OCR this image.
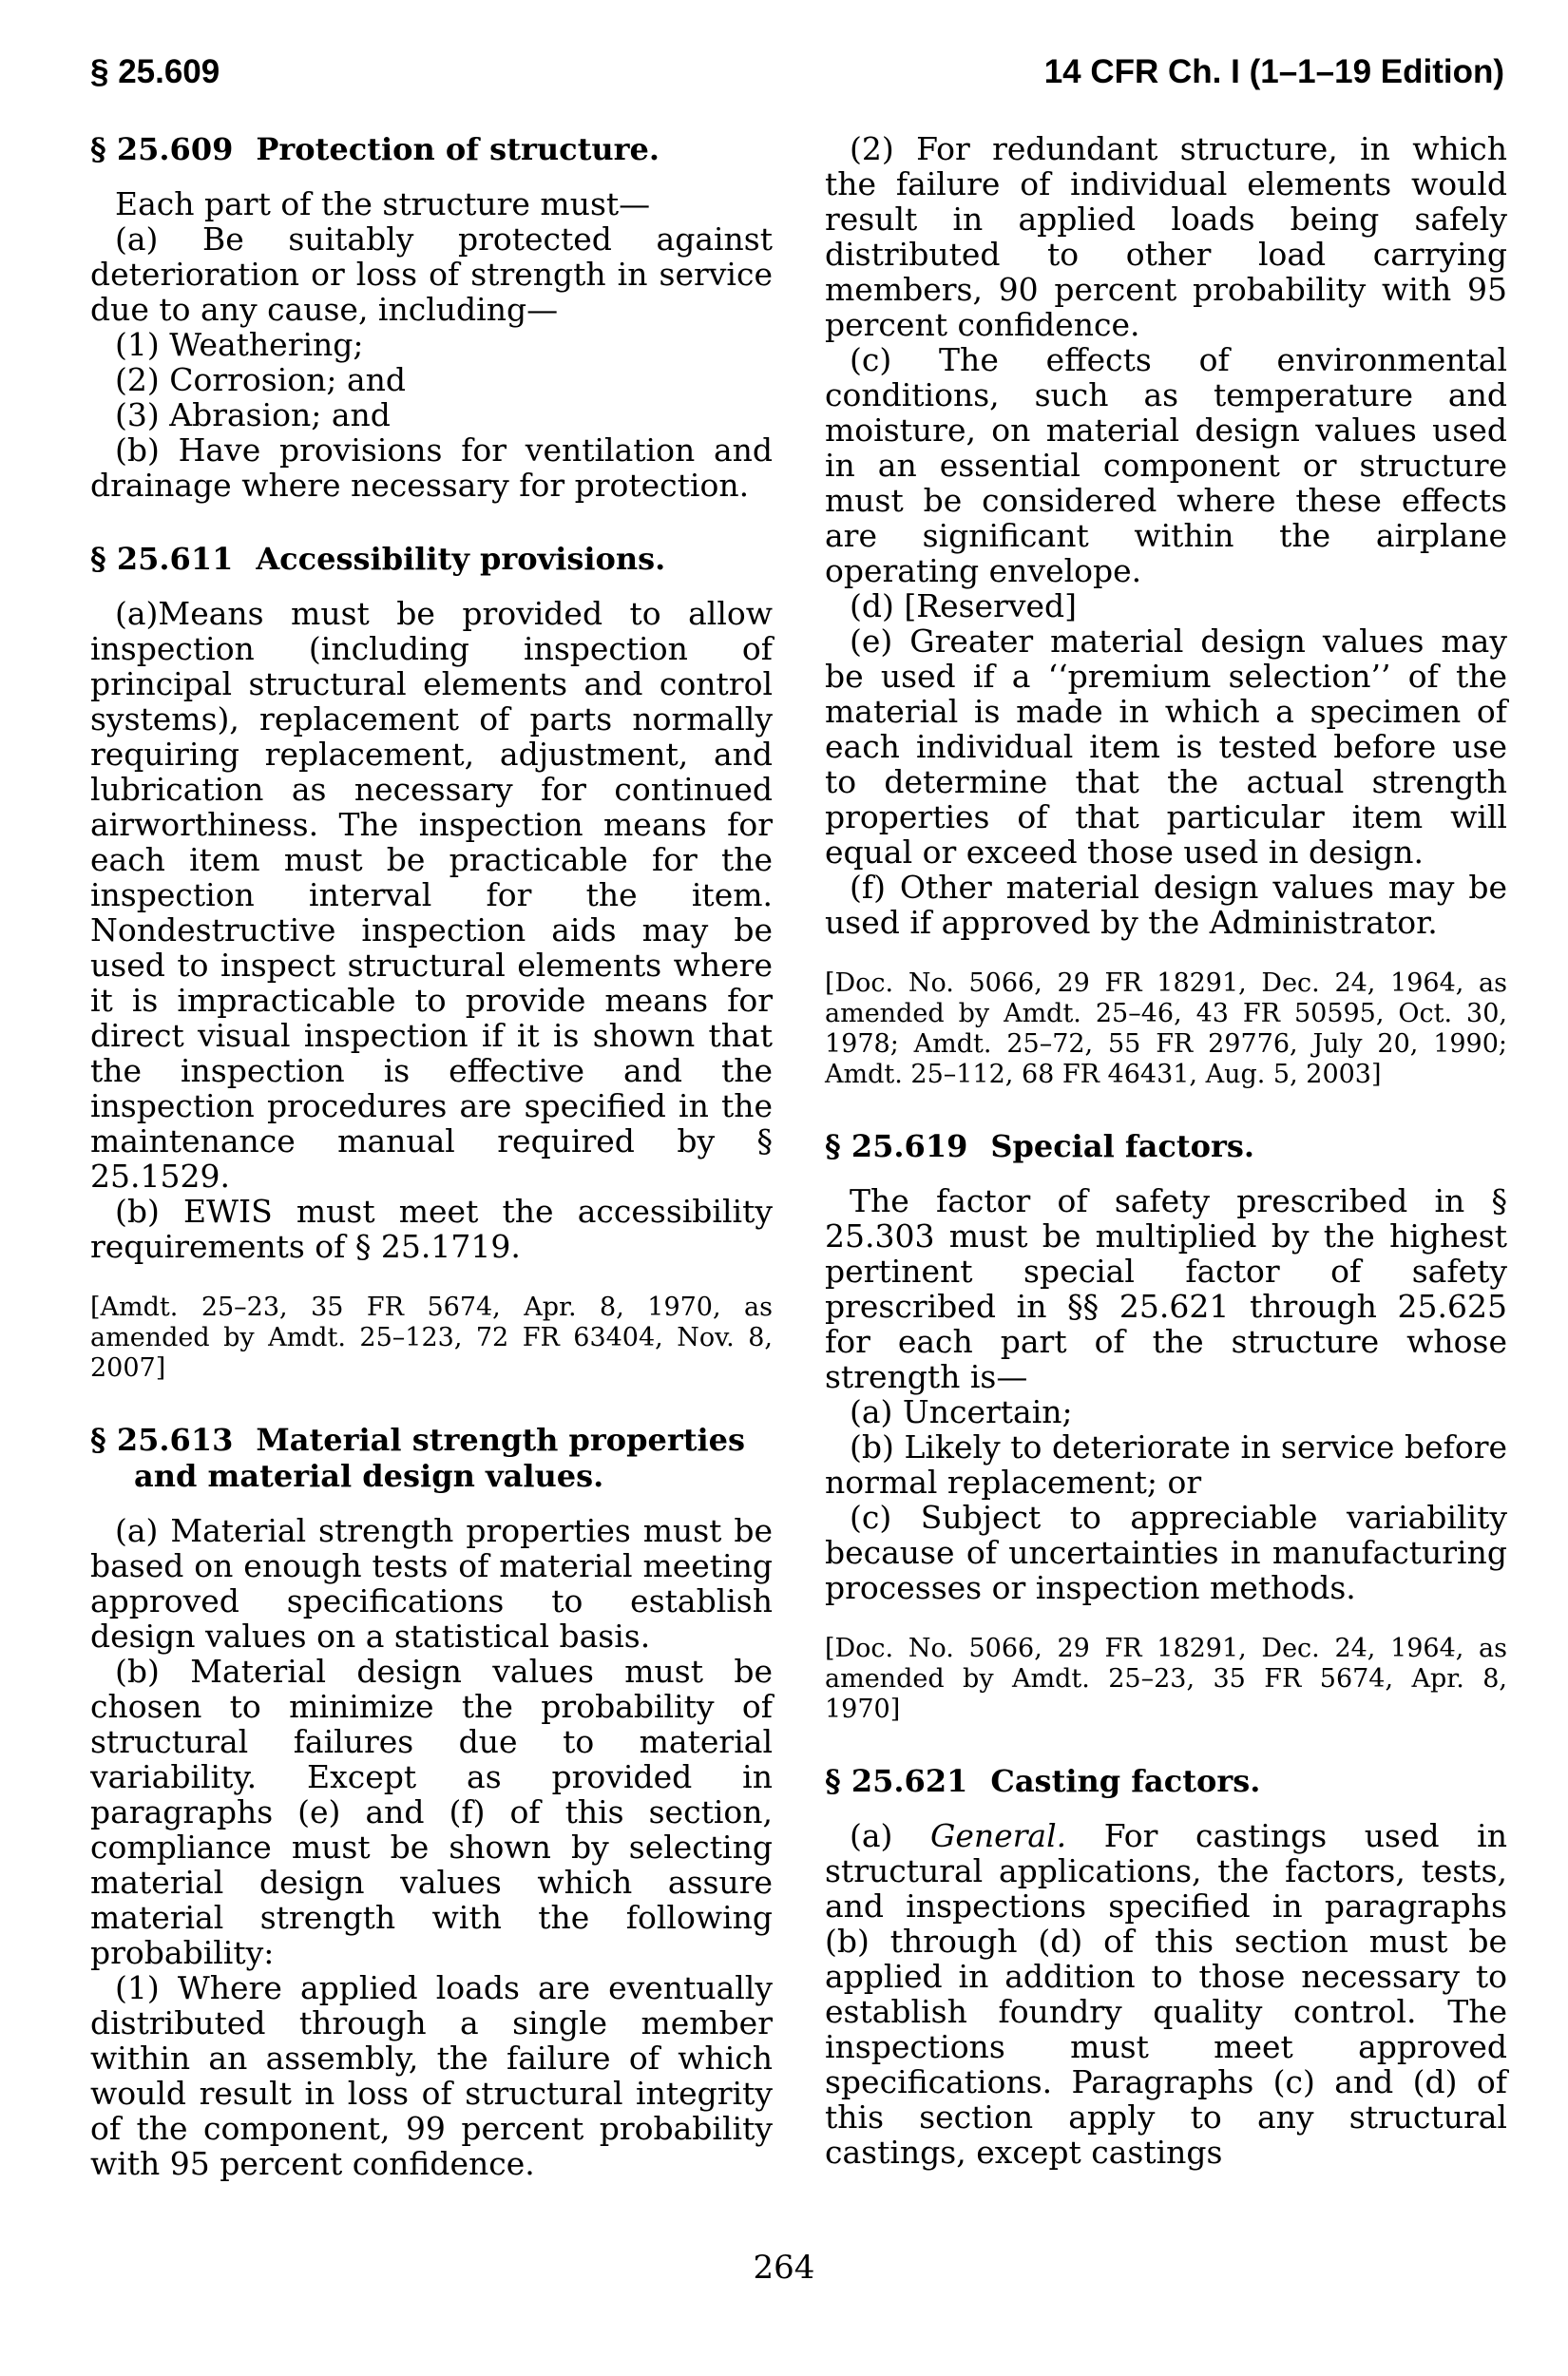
§ 25.609	14 CFR Ch. I (1–1–19 Edition)
§ 25.609 Protection of structure.

Each part of the structure must—

(a) Be suitably protected against deterioration or loss of strength in service due to any cause, including—

(1) Weathering;

(2) Corrosion; and

(3) Abrasion; and

(b) Have provisions for ventilation and drainage where necessary for protection.

§ 25.611 Accessibility provisions.

(a)Means must be provided to allow inspection (including inspection of principal structural elements and control systems), replacement of parts normally requiring replacement, adjustment, and lubrication as necessary for continued airworthiness. The inspection means for each item must be practicable for the inspection interval for the item. Nondestructive inspection aids may be used to inspect structural elements where it is impracticable to provide means for direct visual inspection if it is shown that the inspection is effective and the inspection procedures are specified in the maintenance manual required by § 25.1529.

(b) EWIS must meet the accessibility requirements of § 25.1719.

[Amdt. 25–23, 35 FR 5674, Apr. 8, 1970, as amended by Amdt. 25–123, 72 FR 63404, Nov. 8, 2007]

§ 25.613 Material strength properties and material design values.

(a) Material strength properties must be based on enough tests of material meeting approved specifications to establish design values on a statistical basis.

(b) Material design values must be chosen to minimize the probability of structural failures due to material variability. Except as provided in paragraphs (e) and (f) of this section, compliance must be shown by selecting material design values which assure material strength with the following probability:

(1) Where applied loads are eventually distributed through a single member within an assembly, the failure of which would result in loss of structural integrity of the component, 99 percent probability with 95 percent confidence.

(2) For redundant structure, in which the failure of individual elements would result in applied loads being safely distributed to other load carrying members, 90 percent probability with 95 percent confidence.

(c) The effects of environmental conditions, such as temperature and moisture, on material design values used in an essential component or structure must be considered where these effects are significant within the airplane operating envelope.

(d) [Reserved]

(e) Greater material design values may be used if a ‘‘premium selection’’ of the material is made in which a specimen of each individual item is tested before use to determine that the actual strength properties of that particular item will equal or exceed those used in design.

(f) Other material design values may be used if approved by the Administrator.

[Doc. No. 5066, 29 FR 18291, Dec. 24, 1964, as amended by Amdt. 25–46, 43 FR 50595, Oct. 30, 1978; Amdt. 25–72, 55 FR 29776, July 20, 1990; Amdt. 25–112, 68 FR 46431, Aug. 5, 2003]

§ 25.619 Special factors.

The factor of safety prescribed in § 25.303 must be multiplied by the highest pertinent special factor of safety prescribed in §§ 25.621 through 25.625 for each part of the structure whose strength is—

(a) Uncertain;

(b) Likely to deteriorate in service before normal replacement; or

(c) Subject to appreciable variability because of uncertainties in manufacturing processes or inspection methods.

[Doc. No. 5066, 29 FR 18291, Dec. 24, 1964, as amended by Amdt. 25–23, 35 FR 5674, Apr. 8, 1970]

§ 25.621 Casting factors.

(a) General. For castings used in structural applications, the factors, tests, and inspections specified in paragraphs (b) through (d) of this section must be applied in addition to those necessary to establish foundry quality control. The inspections must meet approved specifications. Paragraphs (c) and (d) of this section apply to any structural castings, except castings

264
